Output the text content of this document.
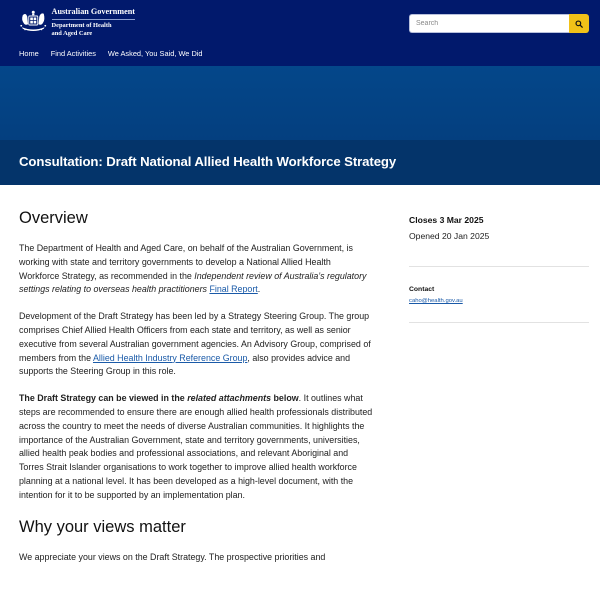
Australian Government
Department of Health
and Aged Care
Search
Home Find Activities We Asked, You Said, We Did
Consultation: Draft National Allied Health Workforce Strategy
Overview

The Department of Health and Aged Care, on behalf of the Australian Government, is working with state and territory governments to develop a National Allied Health Workforce Strategy, as recommended in the Independent review of Australia’s regulatory settings relating to overseas health practitioners Final Report.

Development of the Draft Strategy has been led by a Strategy Steering Group. The group comprises Chief Allied Health Officers from each state and territory, as well as senior executive from several Australian government agencies. An Advisory Group, comprised of members from the Allied Health Industry Reference Group, also provides advice and supports the Steering Group in this role.

The Draft Strategy can be viewed in the related attachments below. It outlines what steps are recommended to ensure there are enough allied health professionals distributed across the country to meet the needs of diverse Australian communities. It highlights the importance of the Australian Government, state and territory governments, universities, allied health peak bodies and professional associations, and relevant Aboriginal and Torres Strait Islander organisations to work together to improve allied health workforce planning at a national level. It has been developed as a high-level document, with the intention for it to be supported by an implementation plan.

Why your views matter

We appreciate your views on the Draft Strategy. The prospective priorities and

Closes 3 Mar 2025
Opened 20 Jan 2025
Contact
caho@health.gov.au
